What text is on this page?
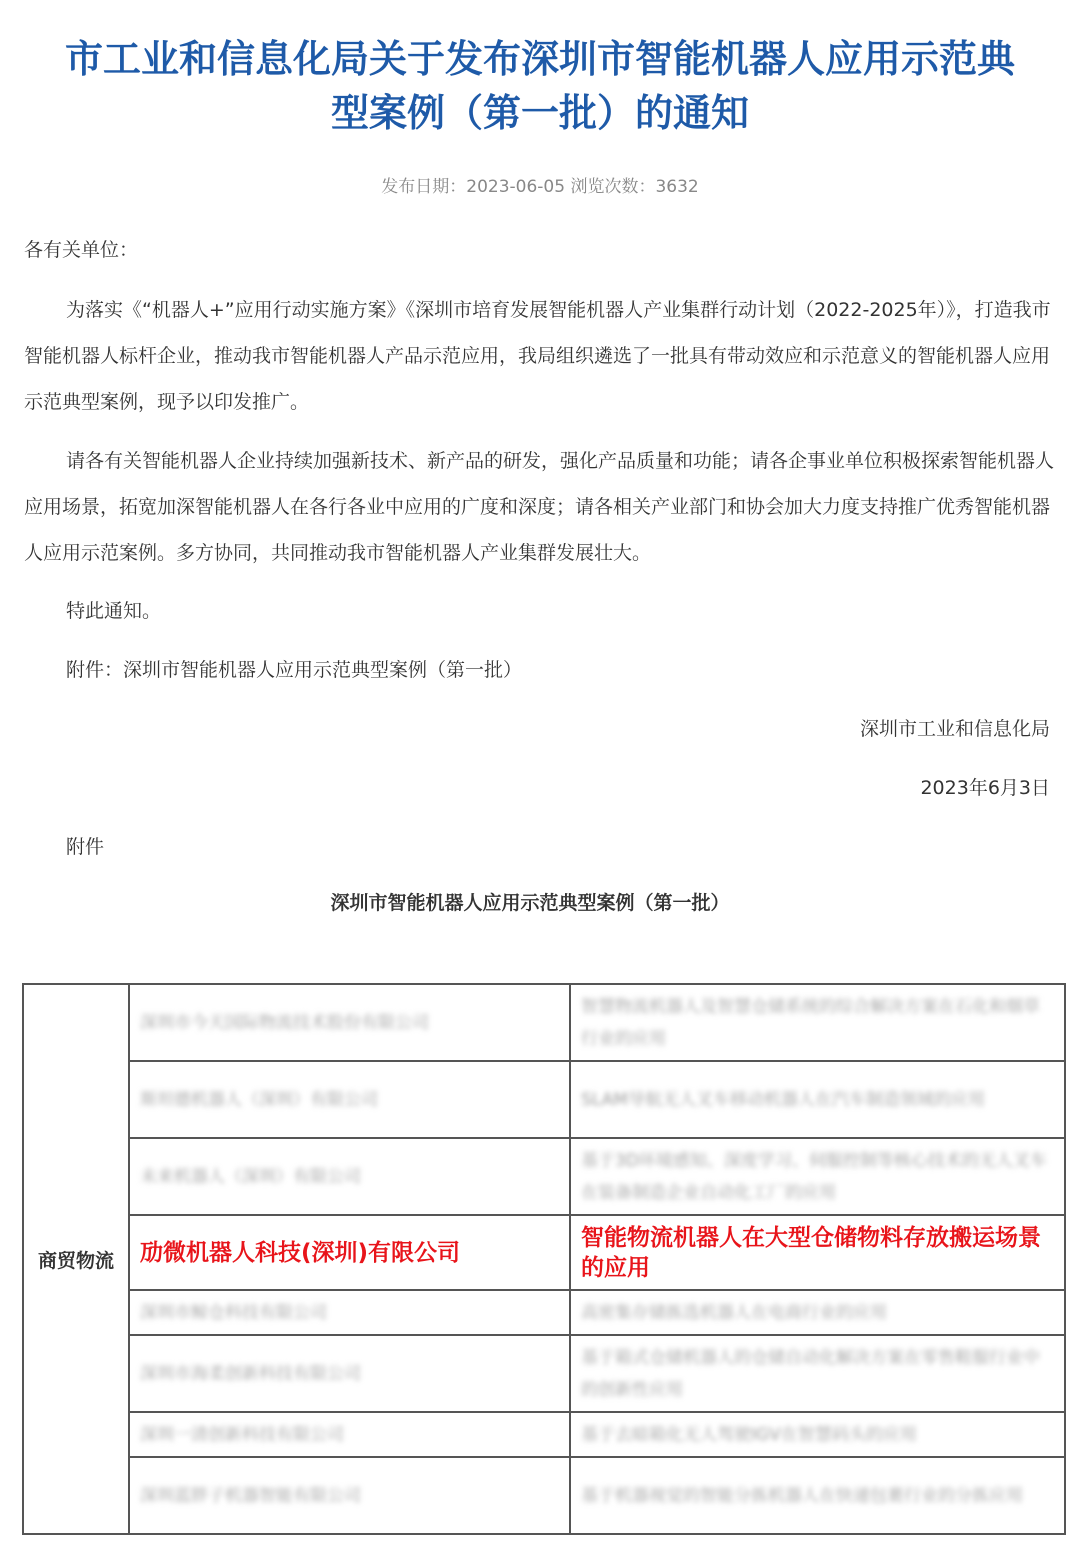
市工业和信息化局关于发布深圳市智能机器人应用示范典
型案例（第一批）的通知
发布日期：2023-06-05 浏览次数：3632
各有关单位：
为落实《“机器人+”应用行动实施方案》《深圳市培育发展智能机器人产业集群行动计划（2022-2025年）》，打造我市智能机器人标杆企业，推动我市智能机器人产品示范应用，我局组织遴选了一批具有带动效应和示范意义的智能机器人应用示范典型案例，现予以印发推广。
请各有关智能机器人企业持续加强新技术、新产品的研发，强化产品质量和功能；请各企事业单位积极探索智能机器人应用场景，拓宽加深智能机器人在各行各业中应用的广度和深度；请各相关产业部门和协会加大力度支持推广优秀智能机器人应用示范案例。多方协同，共同推动我市智能机器人产业集群发展壮大。
特此通知。
附件：深圳市智能机器人应用示范典型案例（第一批）
深圳市工业和信息化局
2023年6月3日
附件
深圳市智能机器人应用示范典型案例（第一批）
商贸物流	深圳市今天国际物流技术股份有限公司	智慧物流机器人及智慧仓储系统的综合解决方案在石化和烟草行业的应用
	斯坦德机器人（深圳）有限公司	SLAM导航无人叉车移动机器人在汽车制造领域的应用
	未来机器人（深圳）有限公司	基于3D环境感知、深度学习、伺服控制等核心技术的无人叉车在装备制造企业自动化工厂的应用
	劢微机器人科技(深圳)有限公司	智能物流机器人在大型仓储物料存放搬运场景的应用
	深圳市鲸仓科技有限公司	高密集存储拣选机器人在电商行业的应用
	深圳市海柔创新科技有限公司	基于箱式仓储机器人的仓储自动化解决方案在零售鞋服行业中的创新性应用
	深圳一清创新科技有限公司	基于去暗箱化无人驾驶IGV在智慧码头的应用
	深圳蓝胖子机器智能有限公司	基于机器视觉的智能分拣机器人在快递包裹行业的分拣应用
